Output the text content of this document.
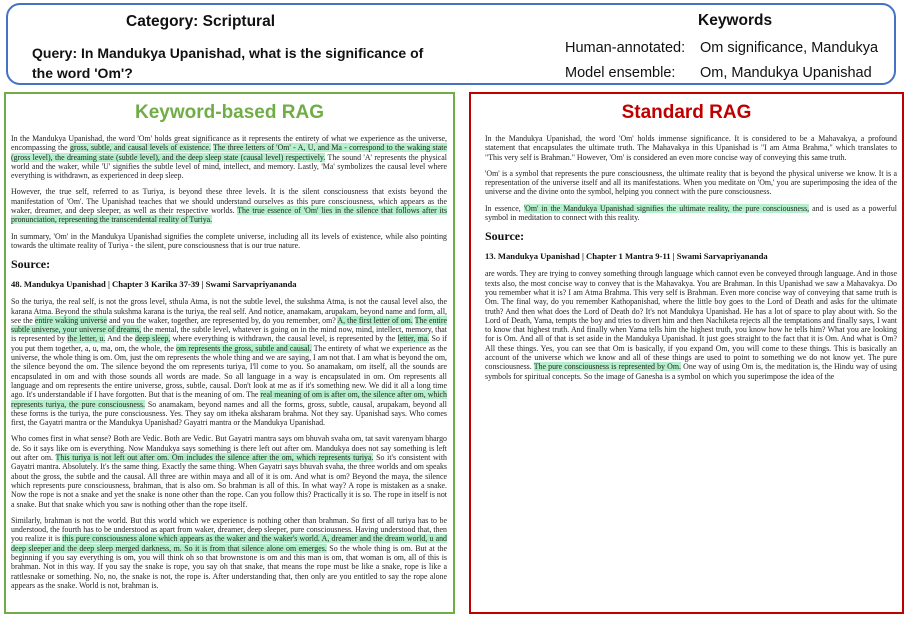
Category: Scriptural
Query: In Mandukya Upanishad, what is the significance of the word 'Om'?
Keywords
Human-annotated: Om significance, Mandukya
Model ensemble: Om, Mandukya Upanishad
Keyword-based RAG
In the Mandukya Upanishad, the word 'Om' holds great significance as it represents the entirety of what we experience as the universe, encompassing the gross, subtle, and causal levels of existence. The three letters of 'Om' - A, U, and Ma - correspond to the waking state (gross level), the dreaming state (subtle level), and the deep sleep state (causal level) respectively. The sound 'A' represents the physical world and the waker, while 'U' signifies the subtle level of mind, intellect, and memory. Lastly, 'Ma' symbolizes the causal level where everything is withdrawn, as experienced in deep sleep.
However, the true self, referred to as Turiya, is beyond these three levels. It is the silent consciousness that exists beyond the manifestation of 'Om'. The Upanishad teaches that we should understand ourselves as this pure consciousness, which appears as the waker, dreamer, and deep sleeper, as well as their respective worlds. The true essence of 'Om' lies in the silence that follows after its pronunciation, representing the transcendental reality of Turiya.
In summary, 'Om' in the Mandukya Upanishad signifies the complete universe, including all its levels of existence, while also pointing towards the ultimate reality of Turiya - the silent, pure consciousness that is our true nature.
Source:
48. Mandukya Upanishad | Chapter 3 Karika 37-39 | Swami Sarvapriyananda
So the turiya, the real self, is not the gross level, sthula Atma, is not the subtle level, the sukshma Atma, is not the causal level also, the karana Atma. Beyond the sthula sukshma karana is the turiya, the real self. And notice, anamakam, arupakam, beyond name and form, all, see the entire waking universe and you the waker, together, are represented by, do you remember, om? A, the first letter of om. The entire subtle universe, your universe of dreams, the mental, the subtle level, whatever is going on in the mind now, mind, intellect, memory, that is represented by the letter, u. And the deep sleep, where everything is withdrawn, the causal level, is represented by the letter, ma. So if you put them together, a, u, ma, om, the whole, the om represents the gross, subtle and causal. The entirety of what we experience as the universe, the whole thing is om. Om, just the om represents the whole thing and we are saying, I am not that. I am what is beyond the om, the silence beyond the om. The silence beyond the om represents turiya, I'll come to you. So anamakam, om itself, all the sounds are encapsulated in om and with those sounds all words are made. So all language in a way is encapsulated in om. Om represents all language and om represents the entire universe, gross, subtle, causal. Don't look at me as if it's something new. We did it all a long time ago. It's understandable if I have forgotten. But that is the meaning of om. The real meaning of om is after om, the silence after om, which represents turiya, the pure consciousness. So anamakam, beyond names and all the forms, gross, subtle, causal, arupakam, beyond all these forms is the turiya, the pure consciousness. Yes. They say om itheka aksharam brahma. Not they say. Upanishad says. Who comes first, the Gayatri mantra or the Mandukya Upanishad? Gayatri mantra or the Mandukya Upanishad.
Who comes first in what sense? Both are Vedic. Both are Vedic. But Gayatri mantra says om bhuvah svaha om, tat savit varenyam bhargo de. So it says like om is everything. Now Mandukya says something is there left out after om. Mandukya does not say something is left out after om. This turiya is not left out after om. Om includes the silence after the om, which represents turiya. So it's consistent with Gayatri mantra. Absolutely. It's the same thing. Exactly the same thing. When Gayatri says bhuvah svaha, the three worlds and om speaks about the gross, the subtle and the causal. All three are within maya and all of it is om. And what is om? Beyond the maya, the silence which represents pure consciousness, brahman, that is also om. So brahman is all of this. In what way? A rope is mistaken as a snake. Now the rope is not a snake and yet the snake is none other than the rope. Can you follow this? Practically it is so. The rope in itself is not a snake. But that snake which you saw is nothing other than the rope itself.
Similarly, brahman is not the world. But this world which we experience is nothing other than brahman. So first of all turiya has to be understood, the fourth has to be understood as apart from waker, dreamer, deep sleeper, pure consciousness. Having understood that, then you realize it is this pure consciousness alone which appears as the waker and the waker's world. A, dreamer and the dream world, u and deep sleeper and the deep sleep merged darkness, m. So it is from that silence alone om emerges. So the whole thing is om. But at the beginning if you say everything is om, you will think oh so that brownstone is om and this man is om, that woman is om, all of this is brahman. Not in this way. If you say the snake is rope, you say oh that snake, that means the rope must be like a snake, rope is like a rattlesnake or something. No, no, the snake is not, the rope is. After understanding that, then only are you entitled to say the rope alone appears as the snake. World is not, brahman is.
Standard RAG
In the Mandukya Upanishad, the word 'Om' holds immense significance. It is considered to be a Mahavakya, a profound statement that encapsulates the ultimate truth. The Mahavakya in this Upanishad is "I am Atma Brahma," which translates to "This very self is Brahman." However, 'Om' is considered an even more concise way of conveying this same truth.
'Om' is a symbol that represents the pure consciousness, the ultimate reality that is beyond the physical universe we know. It is a representation of the universe itself and all its manifestations. When you meditate on 'Om,' you are superimposing the idea of the universe and the divine onto the symbol, helping you connect with the pure consciousness.
In essence, 'Om' in the Mandukya Upanishad signifies the ultimate reality, the pure consciousness, and is used as a powerful symbol in meditation to connect with this reality.
Source:
13. Mandukya Upanishad | Chapter 1 Mantra 9-11 | Swami Sarvapriyananda
are words. They are trying to convey something through language which cannot even be conveyed through language. And in those texts also, the most concise way to convey that is the Mahavakya. You are Brahman. In this Upanishad we saw a Mahavakya. Do you remember what it is? I am Atma Brahma. This very self is Brahman. Even more concise way of conveying that same truth is Om. The final way, do you remember Kathopanishad, where the little boy goes to the Lord of Death and asks for the ultimate truth? And then what does the Lord of Death do? It's not Mandukya Upanishad. He has a lot of space to play about with. So the Lord of Death, Yama, tempts the boy and tries to divert him and then Nachiketa rejects all the temptations and finally says, I want to know that highest truth. And finally when Yama tells him the highest truth, you know how he tells him? What you are looking for is Om. And all of that is set aside in the Mandukya Upanishad. It just goes straight to the fact that it is Om. And what is Om? All these things. Yes, you can see that Om is basically, if you expand Om, you will come to these things. This is basically an account of the universe which we know and all of these things are used to point to something we do not know yet. The pure consciousness. The pure consciousness is represented by Om. One way of using Om is, the meditation is, the Hindu way of using symbols for spiritual concepts. So the image of Ganesha is a symbol on which you superimpose the idea of the
